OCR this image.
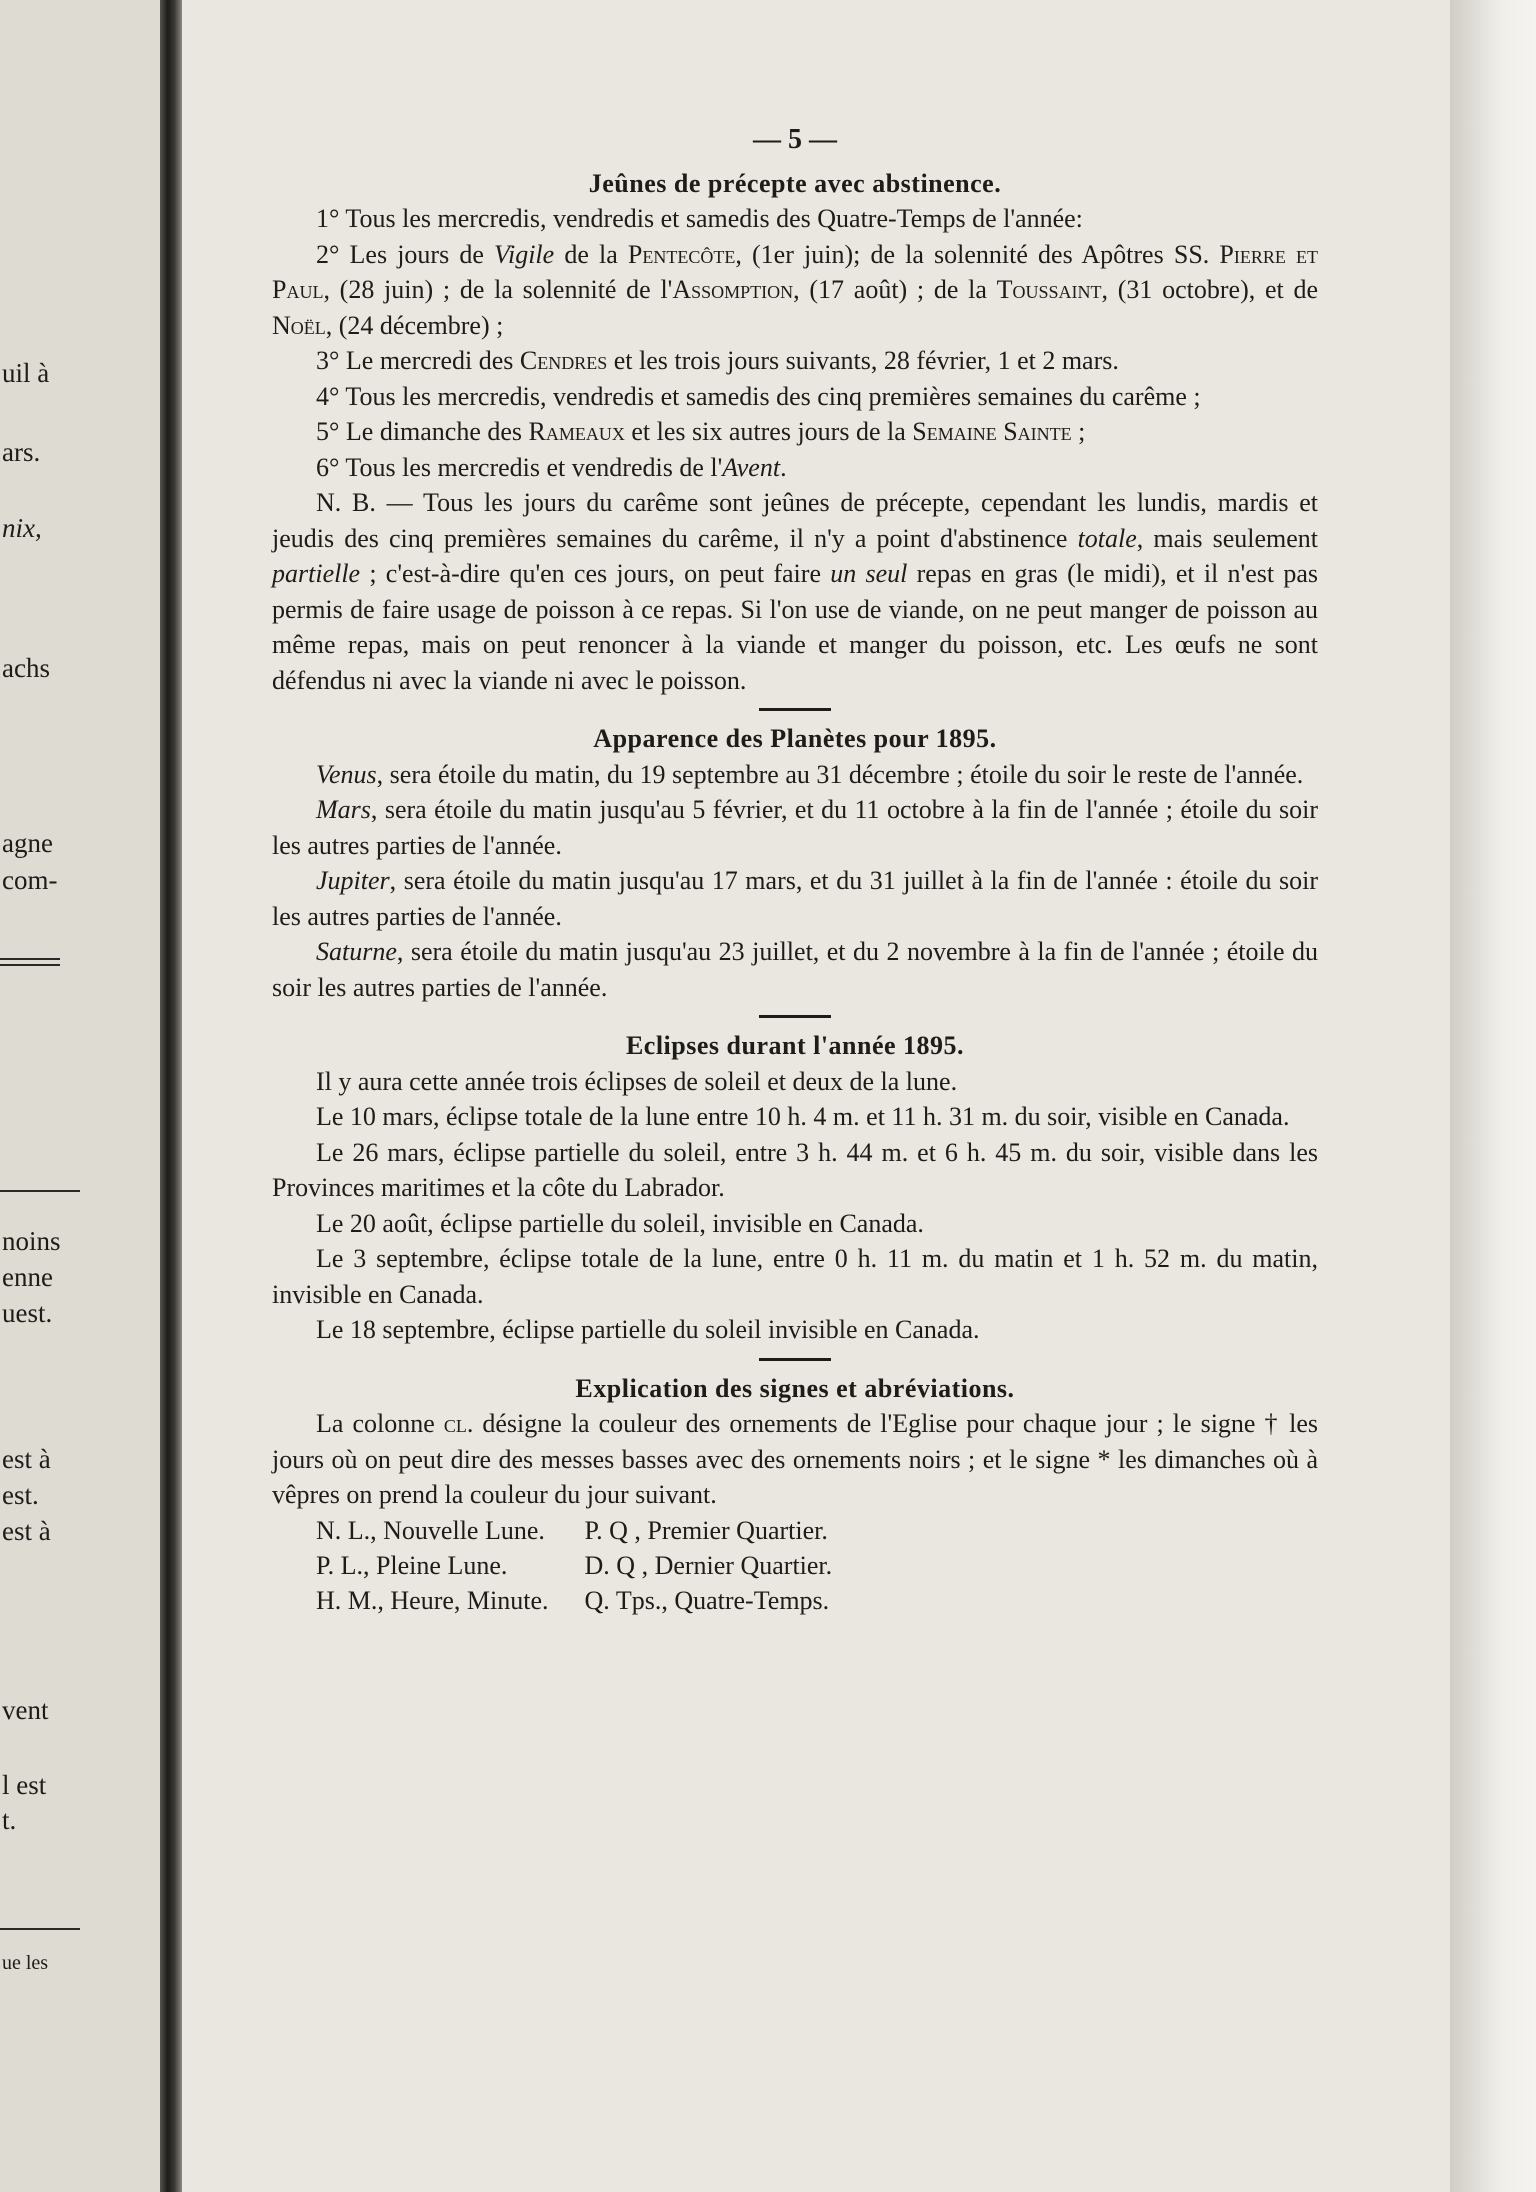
uil à
ars.
nix,
achs
agne
com-
noins
enne
uest.
est à
est.
est à
vent
l est
t.
ue les

— 5 —

Jeûnes de précepte avec abstinence.

1° Tous les mercredis, vendredis et samedis des Quatre-Temps de l'année:

2° Les jours de Vigile de la Pentecôte, (1er juin); de la solennité des Apôtres SS. Pierre et Paul, (28 juin) ; de la solennité de l'Assomption, (17 août) ; de la Toussaint, (31 octobre), et de Noël, (24 décembre) ;

3° Le mercredi des Cendres et les trois jours suivants, 28 février, 1 et 2 mars.

4° Tous les mercredis, vendredis et samedis des cinq premières semaines du carême ;

5° Le dimanche des Rameaux et les six autres jours de la Semaine Sainte ;

6° Tous les mercredis et vendredis de l'Avent.

N. B. — Tous les jours du carême sont jeûnes de précepte, cependant les lundis, mardis et jeudis des cinq premières semaines du carême, il n'y a point d'abstinence totale, mais seulement partielle ; c'est-à-dire qu'en ces jours, on peut faire un seul repas en gras (le midi), et il n'est pas permis de faire usage de poisson à ce repas. Si l'on use de viande, on ne peut manger de poisson au même repas, mais on peut renoncer à la viande et manger du poisson, etc. Les œufs ne sont défendus ni avec la viande ni avec le poisson.

Apparence des Planètes pour 1895.

Venus, sera étoile du matin, du 19 septembre au 31 décembre ; étoile du soir le reste de l'année.

Mars, sera étoile du matin jusqu'au 5 février, et du 11 octobre à la fin de l'année ; étoile du soir les autres parties de l'année.

Jupiter, sera étoile du matin jusqu'au 17 mars, et du 31 juillet à la fin de l'année : étoile du soir les autres parties de l'année.

Saturne, sera étoile du matin jusqu'au 23 juillet, et du 2 novembre à la fin de l'année ; étoile du soir les autres parties de l'année.

Eclipses durant l'année 1895.

Il y aura cette année trois éclipses de soleil et deux de la lune.

Le 10 mars, éclipse totale de la lune entre 10 h. 4 m. et 11 h. 31 m. du soir, visible en Canada.

Le 26 mars, éclipse partielle du soleil, entre 3 h. 44 m. et 6 h. 45 m. du soir, visible dans les Provinces maritimes et la côte du Labrador.

Le 20 août, éclipse partielle du soleil, invisible en Canada.

Le 3 septembre, éclipse totale de la lune, entre 0 h. 11 m. du matin et 1 h. 52 m. du matin, invisible en Canada.

Le 18 septembre, éclipse partielle du soleil invisible en Canada.

Explication des signes et abréviations.

La colonne cl. désigne la couleur des ornements de l'Eglise pour chaque jour ; le signe † les jours où on peut dire des messes basses avec des ornements noirs ; et le signe * les dimanches où à vêpres on prend la couleur du jour suivant.

N. L., Nouvelle Lune.	P. Q , Premier Quartier.
P. L., Pleine Lune.	D. Q , Dernier Quartier.
H. M., Heure, Minute.	Q. Tps., Quatre-Temps.
